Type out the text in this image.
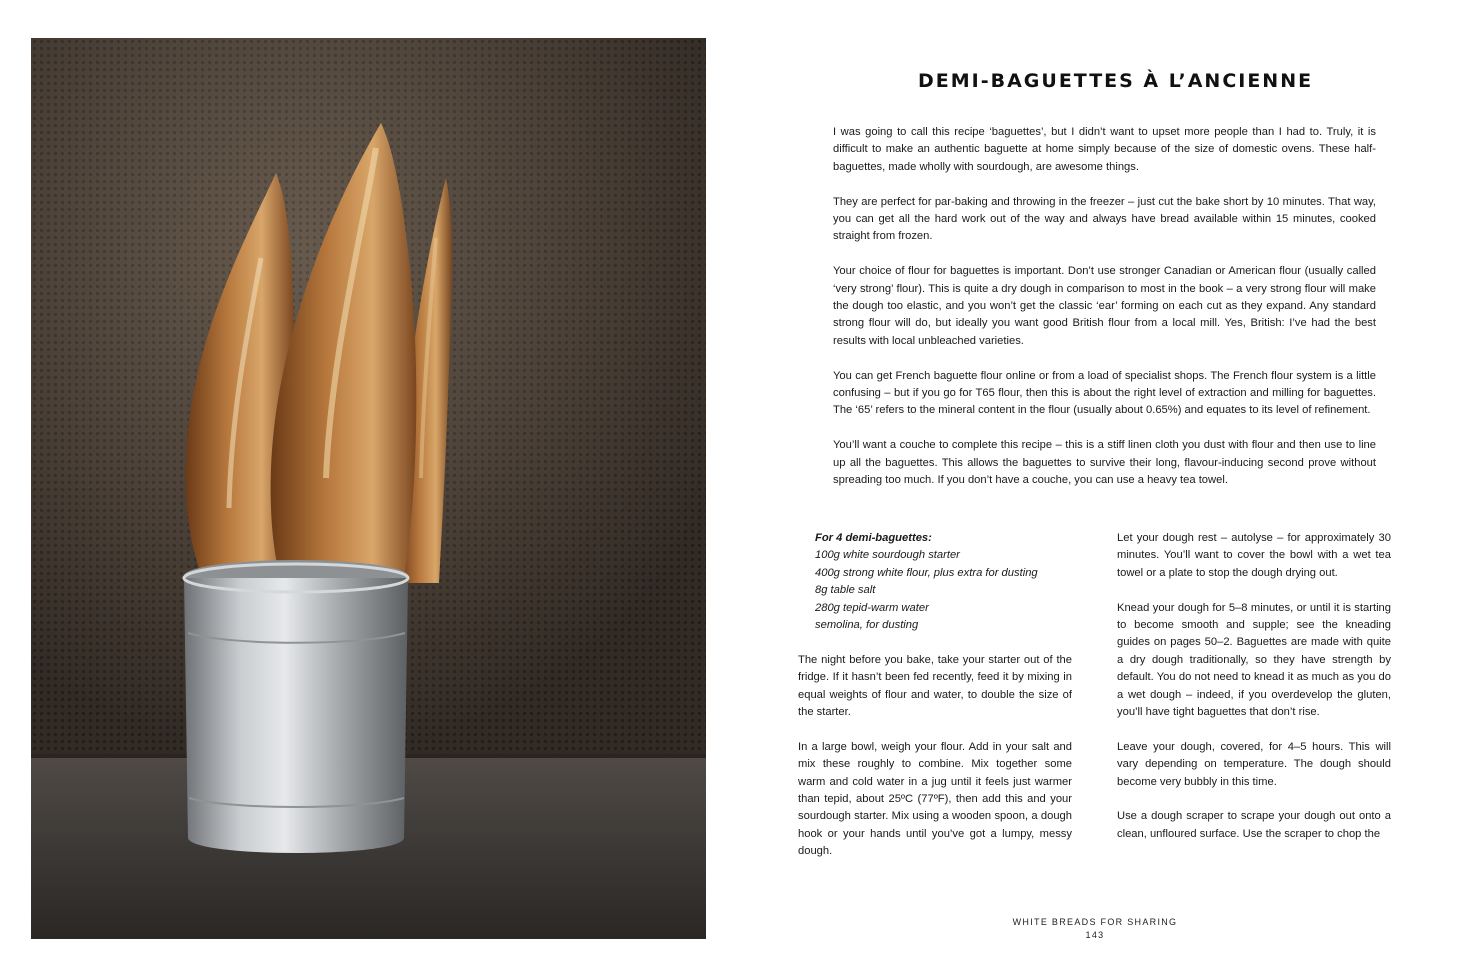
DEMI-BAGUETTES À L’ANCIENNE

I was going to call this recipe ‘baguettes’, but I didn’t want to upset more people than I had to. Truly, it is difficult to make an authentic baguette at home simply because of the size of domestic ovens. These half-baguettes, made wholly with sourdough, are awesome things.

They are perfect for par-baking and throwing in the freezer – just cut the bake short by 10 minutes. That way, you can get all the hard work out of the way and always have bread available within 15 minutes, cooked straight from frozen.

Your choice of flour for baguettes is important. Don’t use stronger Canadian or American flour (usually called ‘very strong’ flour). This is quite a dry dough in comparison to most in the book – a very strong flour will make the dough too elastic, and you won’t get the classic ‘ear’ forming on each cut as they expand. Any standard strong flour will do, but ideally you want good British flour from a local mill. Yes, British: I’ve had the best results with local unbleached varieties.

You can get French baguette flour online or from a load of specialist shops. The French flour system is a little confusing – but if you go for T65 flour, then this is about the right level of extraction and milling for baguettes. The ‘65’ refers to the mineral content in the flour (usually about 0.65%) and equates to its level of refinement.

You’ll want a couche to complete this recipe – this is a stiff linen cloth you dust with flour and then use to line up all the baguettes. This allows the baguettes to survive their long, flavour-inducing second prove without spreading too much. If you don’t have a couche, you can use a heavy tea towel.

For 4 demi-baguettes:
100g white sourdough starter
400g strong white flour, plus extra for dusting
8g table salt
280g tepid-warm water
semolina, for dusting

The night before you bake, take your starter out of the fridge. If it hasn’t been fed recently, feed it by mixing in equal weights of flour and water, to double the size of the starter.

In a large bowl, weigh your flour. Add in your salt and mix these roughly to combine. Mix together some warm and cold water in a jug until it feels just warmer than tepid, about 25ºC (77ºF), then add this and your sourdough starter. Mix using a wooden spoon, a dough hook or your hands until you’ve got a lumpy, messy dough.

Let your dough rest – autolyse – for approximately 30 minutes. You’ll want to cover the bowl with a wet tea towel or a plate to stop the dough drying out.

Knead your dough for 5–8 minutes, or until it is starting to become smooth and supple; see the kneading guides on pages 50–2. Baguettes are made with quite a dry dough traditionally, so they have strength by default. You do not need to knead it as much as you do a wet dough – indeed, if you overdevelop the gluten, you’ll have tight baguettes that don’t rise.

Leave your dough, covered, for 4–5 hours. This will vary depending on temperature. The dough should become very bubbly in this time.

Use a dough scraper to scrape your dough out onto a clean, unfloured surface. Use the scraper to chop the

WHITE BREADS FOR SHARING
143
